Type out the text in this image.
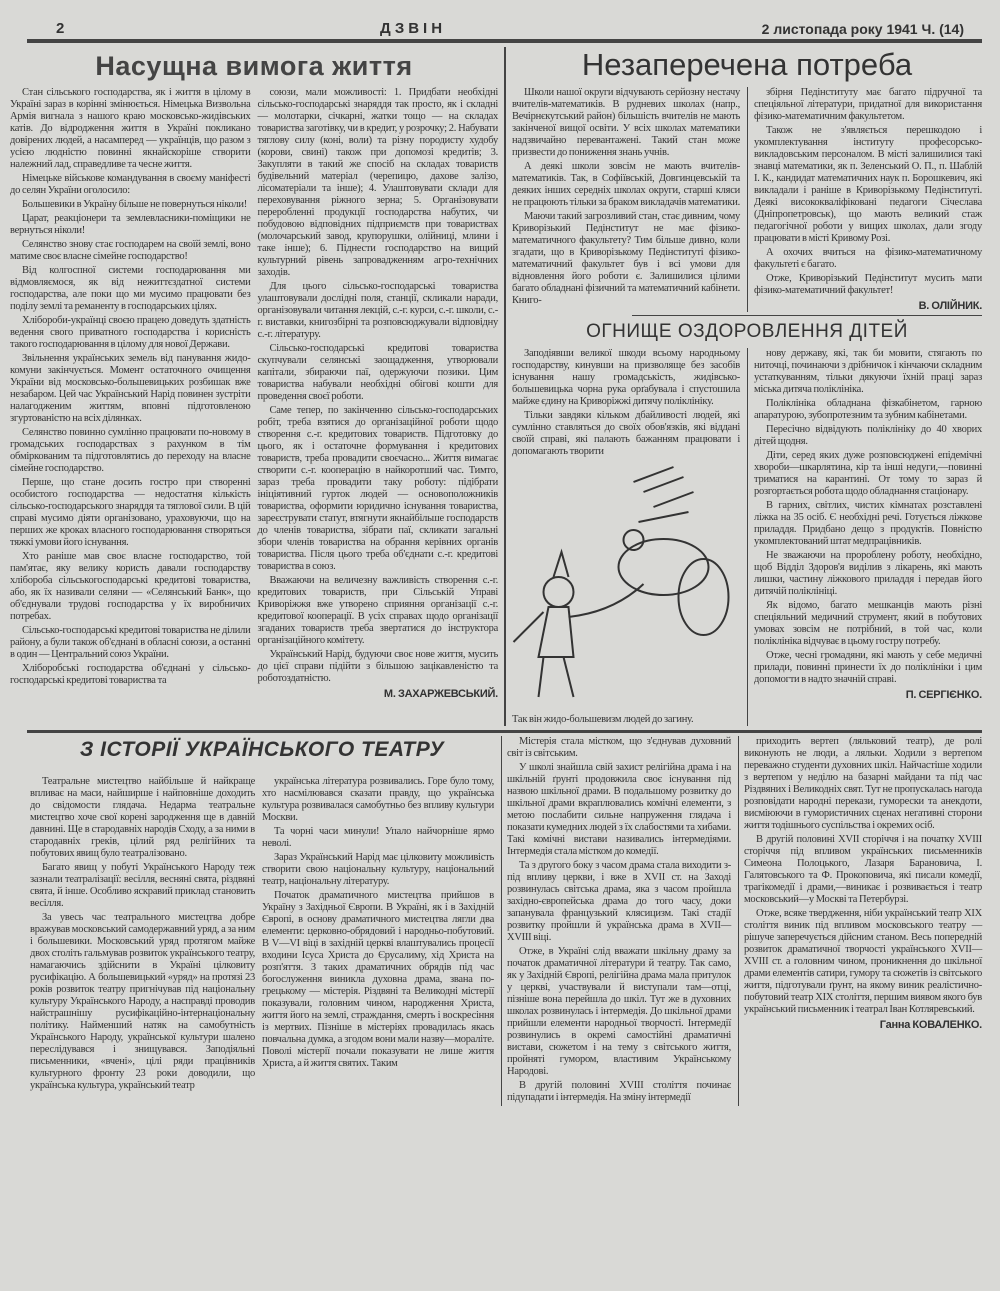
2	ДЗВІН	2 листопада року 1941 Ч. (14)
Насущна вимога життя

Стан сільського господарства, як і життя в цілому в Україні зараз в корінні змінюється. Німецька Визвольна Армія вигнала з нашого краю московсько-жидівських катів. До відродження життя в Україні покликано довірених людей, а насамперед — українців, що разом з усією людністю повинні якнайскоріше створити належний лад, справедливе та чесне життя.

Німецьке військове командування в своєму маніфесті до селян України оголосило:

Большевики в Україну більше не повернуться ніколи!

Царат, реакціонери та землевласники-поміщики не вернуться ніколи!

Селянство знову стає господарем на своїй землі, воно матиме своє власне сімейне господарство!

Від колгоспної системи господарювання ми відмовляємося, як від нежиттєздатної системи господарства, але поки що ми мусимо працювати без поділу землі та реманенту в господарських цілях.

Хлібороби-українці своєю працею доведуть здатність ведення свого приватного господарства і корисність такого господарювання в цілому для нової Держави.

Звільнення українських земель від панування жидо-комуни закінчується. Момент остаточного очищення України від московсько-большевицьких розбишак вже незабаром. Цей час Український Нарід повинен зустріти налагодженим життям, вповні підготовленою згуртованістю на всіх ділянках.

Селянство повинно сумлінно працювати по-новому в громадських господарствах з рахунком в тім обміркованим та підготовлятись до переходу на власне сімейне господарство.

Перше, що стане досить гостро при створенні особистого господарства — недостатня кількість сільсько-господарського знаряддя та тяглової сили. В цій справі мусимо діяти організовано, ураховуючи, що на перших же кроках власного господарювання створяться тяжкі умови його існування.

Хто раніше мав своє власне господарство, той пам'ятає, яку велику користь давали господарству хлібороба сільськогосподарські кредитові товариства, або, як їх називали селяни — «Селянський Банк», що об'єднували трудові господарства у їх виробничих потребах.

Сільсько-господарські кредитові товариства не ділили району, а були також об'єднані в обласні союзи, а останні в один — Центральний союз України.

Хліборобські господарства об'єднані у сільсько-господарські кредитові товариства та

союзи, мали можливості: 1. Придбати необхідні сільсько-господарські знаряддя так просто, як і складні — молотарки, січкарні, жатки тощо — на складах товариства заготівку, чи в кредит, у розрочку; 2. Набувати тяглову силу (коні, воли) та різну породисту худобу (корови, свині) також при допомозі кредитів; 3. Закупляти в такий же спосіб на складах товариств будівельний матеріал (черепицю, дахове залізо, лісоматеріали та інше); 4. Улаштовувати склади для переховування ріжного зерна; 5. Організовувати переробленні продукції господарства набутих, чи побудовою відповідних підприємств при товариствах (молочарський завод, крупорушки, олійниці, млини і таке інше); 6. Піднести господарство на вищий культурний рівень запровадженням агро-технічних заходів.

Для цього сільсько-господарські товариства улаштовували дослідні поля, станції, скликали наради, організовували читання лекцій, с.-г. курси, с.-г. школи, с.-г. виставки, книгозбірні та розповсюджували відповідну с.-г. літературу.

Сільсько-господарські кредитові товариства скупчували селянські заощадження, утворювали капітали, збираючи паї, одержуючи позики. Цим товариства набували необхідні обігові кошти для проведення своєї роботи.

Саме тепер, по закінченню сільсько-господарських робіт, треба взятися до організаційної роботи щодо створення с.-г. кредитових товариств. Підготовку до цього, як і остаточне формування і кредитових товариств, треба провадити своєчасно... Життя вимагає створити с.-г. кооперацію в найкоротший час. Тимто, зараз треба провадити таку роботу: підібрати ініціятивний гурток людей — основоположників товариства, оформити юридично існування товариства, зареєструвати статут, втягнути якнайбільше господарств до членів товариства, зібрати паї, скликати загальні збори членів товариства на обрання керівних органів товариства. Після цього треба об'єднати с.-г. кредитові товариства в союз.

Вважаючи на величезну важливість створення с.-г. кредитових товариств, при Сільській Управі Криворіжжя вже утворено сприяння організації с.-г. кредитової кооперації. В усіх справах щодо організації згаданих товариств треба звертатися до інструктора організаційного комітету.

Український Нарід, будуючи своє нове життя, мусить до цієї справи підійти з більшою зацікавленістю та роботоздатністю.

М. ЗАХАРЖЕВСЬКИЙ.
Незаперечена потреба

Школи нашої округи відчувають серйозну нестачу вчителів-математиків. В рудневих школах (напр., Вечірнєкутський район) більшість вчителів не мають закінченої вищої освіти. У всіх школах математики надзвичайно перевантажені. Такий стан може призвести до пониження знань учнів.

А деякі школи зовсім не мають вчителів-математиків. Так, в Софіївській, Довгинцевській та деяких інших середніх школах округи, старші кляси не працюють тільки за браком викладачів математики.

Маючи такий загрозливий стан, стає дивним, чому Криворізький Педінститут не має фізико-математичного факультету? Тим більше дивно, коли згадати, що в Криворізькому Педінституті фізико-математичний факультет був і всі умови для відновлення його роботи є. Залишилися цілими багато обладнані фізичний та математичний кабінети. Книго-

збірня Педінституту має багато підручної та спеціяльної літератури, придатної для використання фізико-математичним факультетом.

Також не з'являється перешкодою і укомплектування інституту професорсько-викладовським персоналом. В місті залишилися такі знавці математики, як п. Зеленський О. П., п. Шаблій І. К., кандидат математичних наук п. Борошкевич, які викладали і раніше в Криворізькому Педінституті. Деякі висококваліфіковані педагоги Січеслава (Дніпропетровськ), що мають великий стаж педагогічної роботи у вищих школах, дали згоду працювати в місті Кривому Розі.

А охочих вчиться на фізико-математичному факультеті є багато.

Отже, Криворізький Педінститут мусить мати фізико-математичний факультет!

В. ОЛІЙНИК.
ОГНИЩЕ ОЗДОРОВЛЕННЯ ДІТЕЙ

Заподіявши великої шкоди всьому народньому господарству, кинувши на призволяще без засобів існування нашу громадськість, жидівсько-большевицька чорна рука орґабувала і спустошила майже єдину на Криворіжжі дитячу поліклініку.

Тільки завдяки кільком дбайливості людей, які сумлінно ставляться до своїх обов'язків, які віддані своїй справі, які палають бажанням працювати і допомагають творити

Так він жидо-большевизм людей до загину.

нову державу, які, так би мовити, стягають по ниточці, починаючи з дрібничок і кінчаючи складним устаткуванням, тільки дякуючи їхній праці зараз міська дитяча поліклініка.

Поліклініка обладнана фізкабінетом, гарною апаратурою, зубопротезним та зубним кабінетами.

Пересічно відвідують поліклініку до 40 хворих дітей щодня.

Діти, серед яких дуже розповсюджені епідемічні хвороби—шкарлятина, кір та інші недуги,—повинні триматися на карантині. От тому то зараз й розгортається робота щодо обладнання стаціонару.

В гарних, світлих, чистих кімнатах розставлені ліжка на 35 осіб. Є необхідні речі. Готується ліжкове приладдя. Придбано дещо з продуктів. Повністю укомплектований штат медпрацівників.

Не зважаючи на пророблену роботу, необхідно, щоб Відділ Здоров'я виділив з лікарень, які мають лишки, частину ліжкового приладдя і передав його дитячій поліклініці.

Як відомо, багато мешканців мають різні спеціяльний медичний струмент, який в побутових умовах зовсім не потрібний, в той час, коли поліклініка відчуває в цьому гостру потребу.

Отже, чесні громадяни, які мають у себе медичні прилади, повинні принести їх до поліклініки і цим допомогти в надто значній справі.

П. СЕРГІЄНКО.
З ІСТОРІЇ УКРАЇНСЬКОГО ТЕАТРУ

Театральне мистецтво найбільше й найкраще впливає на маси, найширше і найповніше доходить до свідомости глядача. Недарма театральне мистецтво хоче свої корені зародження ще в давній давнині. Ще в стародавніх народів Сходу, а за ними в стародавніх греків, цілий ряд релігійних та побутових явищ було театралізовано.

Багато явищ у побуті Українського Народу теж зазнали театралізації: весілля, весняні свята, різдвяні свята, й інше. Особливо яскравий приклад становить весілля.

За увесь час театрального мистецтва добре вражував московський самодержавний уряд, а за ним і большевики. Московський уряд протягом майже двох століть гальмував розвиток українського театру, намагаючись здійснити в Україні цілковиту русифікацію. А большевицький «уряд» на протязі 23 років розвиток театру пригнічував під національну культуру Українського Народу, а насправді проводив найстрашнішу русифікаційно-інтернаціональну політику. Найменший натяк на самобутність Українського Народу, української культури шалено переслідувався і знищувався. Заподіяльні письменники, «вчені», цілі ряди працівників культурного фронту 23 роки доводили, що українська культура, український театр

українська література розвивались. Горе було тому, хто насмілювався сказати правду, що українська культура розвивалася самобутньо без впливу культури Москви.

Та чорні часи минули! Упало найчорніше ярмо неволі.

Зараз Український Нарід має цілковиту можливість створити свою національну культуру, національний театр, національну літературу.

Початок драматичного мистецтва прийшов в Україну з Західньої Європи. В Україні, як і в Західній Європі, в основу драматичного мистецтва лягли два елементи: церковно-обрядовий і народньо-побутовий. В V—VI віці в західній церкві влаштувались процесії входини Ісуса Христа до Єрусалиму, хід Христа на розп'яття. З таких драматичних обрядів під час богослуження виникла духовна драма, звана по-грецькому — містерія. Різдвяні та Великодні містерії показували, головним чином, народження Христа, життя його на землі, страждання, смерть і воскресіння із мертвих. Пізніше в містеріях провадилась якась повчальна думка, а згодом вони мали назву—моралітe. Поволі містерії почали показувати не лише життя Христа, а й життя святих. Таким

Містерія стала містком, що з'єднував духовний світ із світським.

У школі знайшла свій захист релігійна драма і на шкільній ґрунті продовжила своє існування під назвою шкільної драми. В подальшому розвитку до шкільної драми вкраплювались комічні елементи, з метою послабити сильне напруження глядача і показати кумедних людей з їх слабостями та хибами. Такі комічні вистави називались інтермедіями. Інтермедія стала містком до комедії.

Та з другого боку з часом драма стала виходити з-під впливу церкви, і вже в XVII ст. на Заході розвинулась світська драма, яка з часом пройшла західно-європейська драма до того часу, доки запанувала французький клясицизм. Такі стадії розвитку пройшли й українська драма в XVII—XVIII віці.

Отже, в Україні слід вважати шкільну драму за початок драматичної літератури й театру. Так само, як у Західній Європі, релігійна драма мала притулок у церкві, участвували й виступали там—отці, пізніше вона перейшла до шкіл. Тут же в духовних школах розвинулась і інтермедія. До шкільної драми прийшли елементи народньої творчості. Інтермедії розвинулись в окремі самостійні драматичні вистави, сюжетом і на тему з світського життя, пройняті гумором, властивим Українському Народові.

В другій половині XVIII століття починає підупадати і інтермедія. На зміну інтермедії

приходить вертеп (ляльковий театр), де ролі виконують не люди, а ляльки. Ходили з вертепом переважно студенти духовних шкіл. Найчастіше ходили з вертепом у неділю на базарні майдани та під час Різдвяних і Великодніх свят. Тут не пропускалась нагода розповідати народні перекази, гуморески та анекдоти, висміюючи в гумористичних сценах негативні сторони життя тодішнього суспільства і окремих осіб.

В другій половині XVII сторіччя і на початку XVIII сторіччя під впливом українських письменників Симеона Полоцького, Лазаря Барановича, І. Галятовського та Ф. Прокоповича, які писали комедії, трагікомедії і драми,—виникає і розвивається і театр московський—у Москві та Петербурзі.

Отже, всяке твердження, ніби український театр XIX століття виник під впливом московського театру — рішуче заперечується дійсним станом. Весь попередній розвиток драматичної творчості українського XVII—XVIII ст. а головним чином, проникнення до шкільної драми елементів сатири, гумору та сюжетів із світського життя, підготували ґрунт, на якому виник реалістично-побутовий театр XIX століття, першим виявом якого був український письменник і театрал Іван Котляревський.

Ганна КОВАЛЕНКО.
